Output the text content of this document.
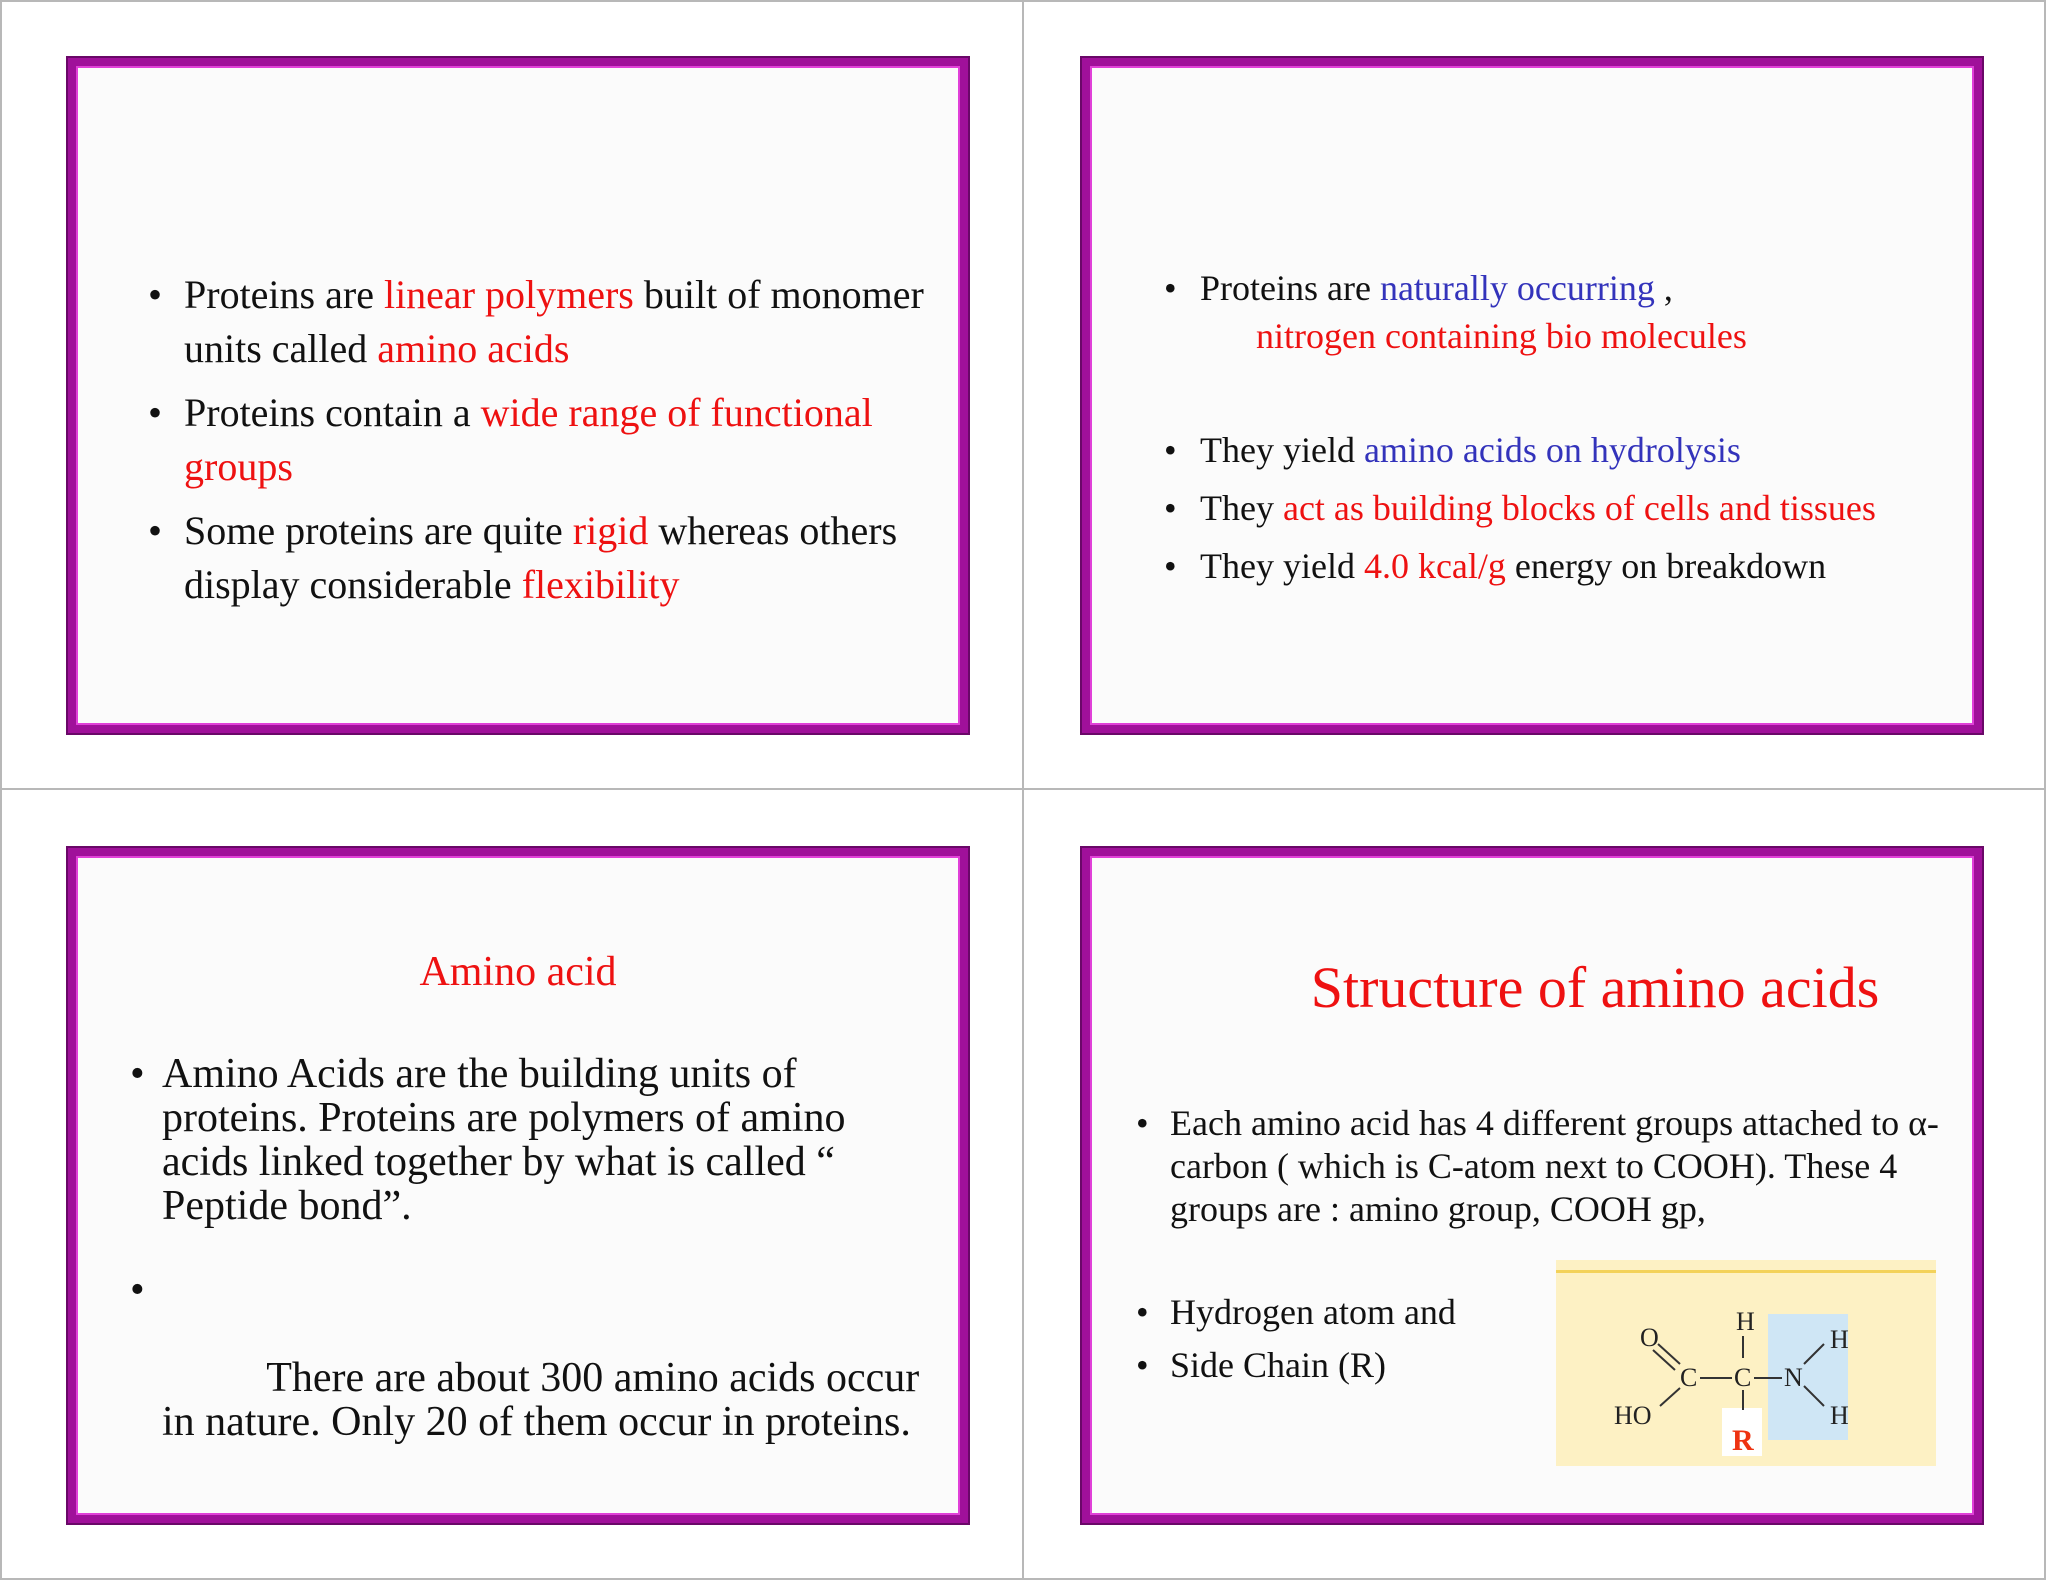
• Proteins are linear polymers built of monomer units called amino acids
• Proteins contain a wide range of functional groups
• Some proteins are quite rigid whereas others display considerable flexibility
• Proteins are naturally occurring ,
nitrogen containing bio molecules
• They yield amino acids on hydrolysis
• They act as building blocks of cells and tissues
• They yield 4.0 kcal/g energy on breakdown
Amino acid
• Amino Acids are the building units of proteins. Proteins are polymers of amino acids linked together by what is called “ Peptide bond”.

•

There are about 300 amino acids occur in nature. Only 20 of them occur in proteins.

Structure of amino acids
• Each amino acid has 4 different groups attached to α- carbon ( which is C-atom next to COOH). These 4 groups are : amino group, COOH gp,
• Hydrogen atom and
• Side Chain (R)
O
HO
C C N
H
H
H
R
